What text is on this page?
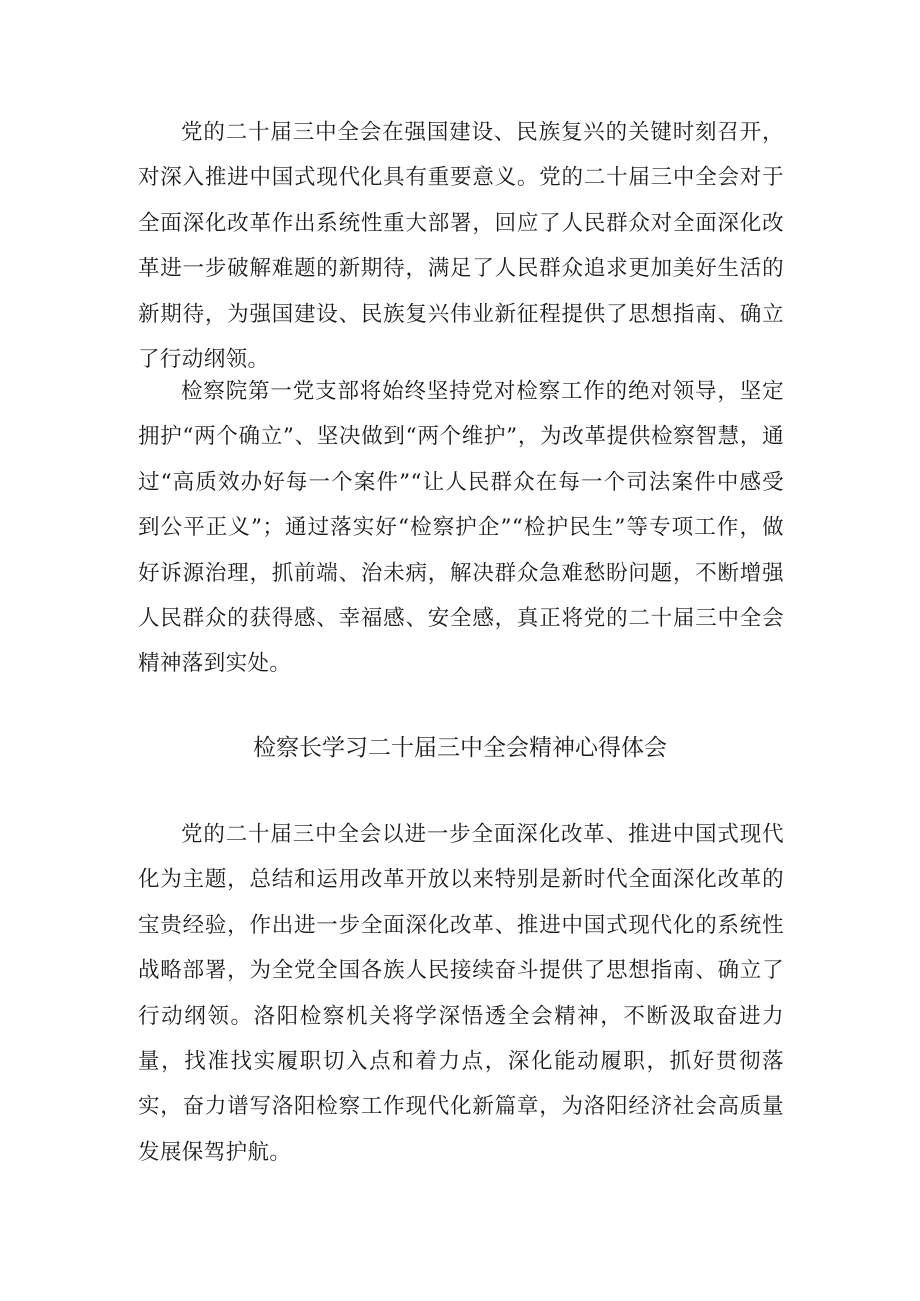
党的二十届三中全会在强国建设、民族复兴的关键时刻召开，对深入推进中国式现代化具有重要意义。党的二十届三中全会对于全面深化改革作出系统性重大部署，回应了人民群众对全面深化改革进一步破解难题的新期待，满足了人民群众追求更加美好生活的新期待，为强国建设、民族复兴伟业新征程提供了思想指南、确立了行动纲领。

检察院第一党支部将始终坚持党对检察工作的绝对领导，坚定拥护“两个确立”、坚决做到“两个维护”，为改革提供检察智慧，通过“高质效办好每一个案件”“让人民群众在每一个司法案件中感受到公平正义”；通过落实好“检察护企”“检护民生”等专项工作，做好诉源治理，抓前端、治未病，解决群众急难愁盼问题，不断增强人民群众的获得感、幸福感、安全感，真正将党的二十届三中全会精神落到实处。

检察长学习二十届三中全会精神心得体会

党的二十届三中全会以进一步全面深化改革、推进中国式现代化为主题，总结和运用改革开放以来特别是新时代全面深化改革的宝贵经验，作出进一步全面深化改革、推进中国式现代化的系统性战略部署，为全党全国各族人民接续奋斗提供了思想指南、确立了行动纲领。洛阳检察机关将学深悟透全会精神，不断汲取奋进力量，找准找实履职切入点和着力点，深化能动履职，抓好贯彻落实，奋力谱写洛阳检察工作现代化新篇章，为洛阳经济社会高质量发展保驾护航。
